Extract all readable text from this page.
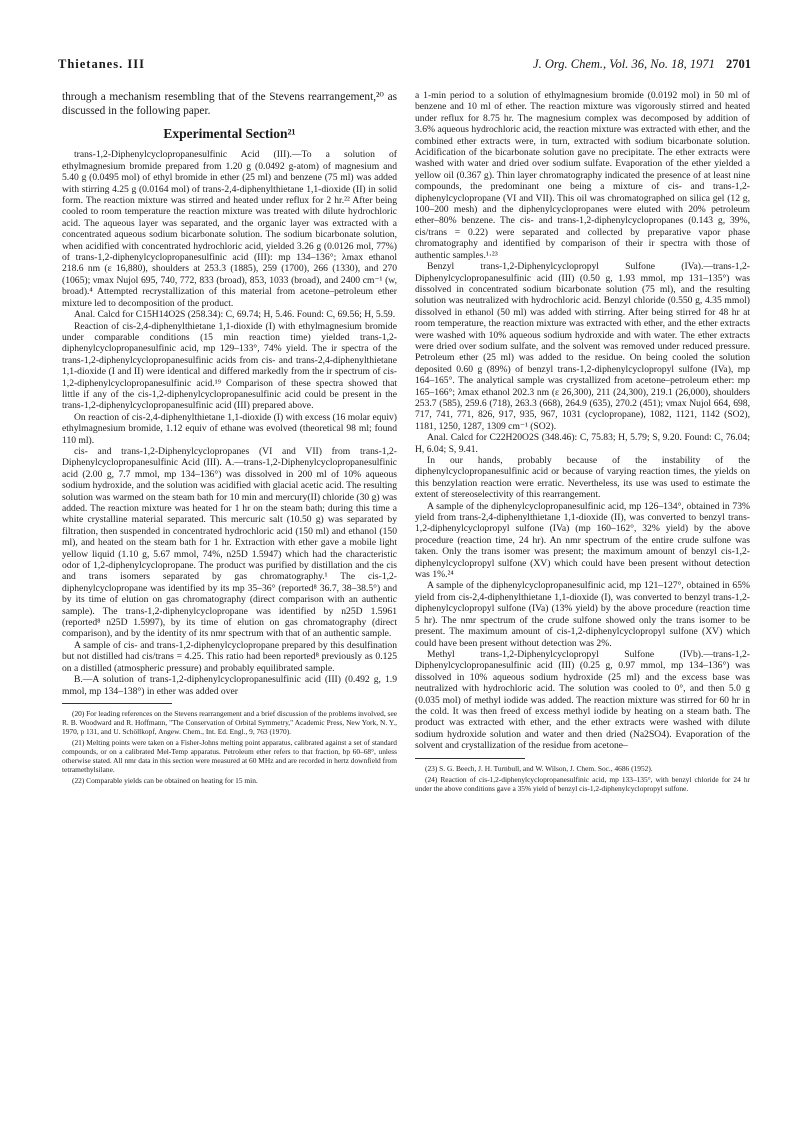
Thietanes. III	J. Org. Chem., Vol. 36, No. 18, 1971 2701

through a mechanism resembling that of the Stevens rearrangement,²⁰ as discussed in the following paper.

Experimental Section²¹

trans-1,2-Diphenylcyclopropanesulfinic Acid (III).—To a solution of ethylmagnesium bromide prepared from 1.20 g (0.0492 g-atom) of magnesium and 5.40 g (0.0495 mol) of ethyl bromide in ether (25 ml) and benzene (75 ml) was added with stirring 4.25 g (0.0164 mol) of trans-2,4-diphenylthietane 1,1-dioxide (II) in solid form. The reaction mixture was stirred and heated under reflux for 2 hr.²² After being cooled to room temperature the reaction mixture was treated with dilute hydrochloric acid. The aqueous layer was separated, and the organic layer was extracted with a concentrated aqueous sodium bicarbonate solution. The sodium bicarbonate solution, when acidified with concentrated hydrochloric acid, yielded 3.26 g (0.0126 mol, 77%) of trans-1,2-diphenylcyclopropanesulfinic acid (III): mp 134–136°; λmax ethanol 218.6 nm (ε 16,880), shoulders at 253.3 (1885), 259 (1700), 266 (1330), and 270 (1065); νmax Nujol 695, 740, 772, 833 (broad), 853, 1033 (broad), and 2400 cm⁻¹ (w, broad).⁴ Attempted recrystallization of this material from acetone–petroleum ether mixture led to decomposition of the product.

Anal. Calcd for C15H14O2S (258.34): C, 69.74; H, 5.46. Found: C, 69.56; H, 5.59.

Reaction of cis-2,4-diphenylthietane 1,1-dioxide (I) with ethylmagnesium bromide under comparable conditions (15 min reaction time) yielded trans-1,2-diphenylcyclopropanesulfinic acid, mp 129–133°, 74% yield. The ir spectra of the trans-1,2-diphenylcyclopropanesulfinic acids from cis- and trans-2,4-diphenylthietane 1,1-dioxide (I and II) were identical and differed markedly from the ir spectrum of cis-1,2-diphenylcyclopropanesulfinic acid.¹⁹ Comparison of these spectra showed that little if any of the cis-1,2-diphenylcyclopropanesulfinic acid could be present in the trans-1,2-diphenylcyclopropanesulfinic acid (III) prepared above.

On reaction of cis-2,4-diphenylthietane 1,1-dioxide (I) with excess (16 molar equiv) ethylmagnesium bromide, 1.12 equiv of ethane was evolved (theoretical 98 ml; found 110 ml).

cis- and trans-1,2-Diphenylcyclopropanes (VI and VII) from trans-1,2-Diphenylcyclopropanesulfinic Acid (III). A.—trans-1,2-Diphenylcyclopropanesulfinic acid (2.00 g, 7.7 mmol, mp 134–136°) was dissolved in 200 ml of 10% aqueous sodium hydroxide, and the solution was acidified with glacial acetic acid. The resulting solution was warmed on the steam bath for 10 min and mercury(II) chloride (30 g) was added. The reaction mixture was heated for 1 hr on the steam bath; during this time a white crystalline material separated. This mercuric salt (10.50 g) was separated by filtration, then suspended in concentrated hydrochloric acid (150 ml) and ethanol (150 ml), and heated on the steam bath for 1 hr. Extraction with ether gave a mobile light yellow liquid (1.10 g, 5.67 mmol, 74%, n25D 1.5947) which had the characteristic odor of 1,2-diphenylcyclopropane. The product was purified by distillation and the cis and trans isomers separated by gas chromatography.¹ The cis-1,2-diphenylcyclopropane was identified by its mp 35–36° (reported⁸ 36.7, 38–38.5°) and by its time of elution on gas chromatography (direct comparison with an authentic sample). The trans-1,2-diphenylcyclopropane was identified by n25D 1.5961 (reported⁸ n25D 1.5997), by its time of elution on gas chromatography (direct comparison), and by the identity of its nmr spectrum with that of an authentic sample.

A sample of cis- and trans-1,2-diphenylcyclopropane prepared by this desulfination but not distilled had cis/trans = 4.25. This ratio had been reported⁸ previously as 0.125 on a distilled (atmospheric pressure) and probably equilibrated sample.

B.—A solution of trans-1,2-diphenylcyclopropanesulfinic acid (III) (0.492 g, 1.9 mmol, mp 134–138°) in ether was added over

(20) For leading references on the Stevens rearrangement and a brief discussion of the problems involved, see R. B. Woodward and R. Hoffmann, "The Conservation of Orbital Symmetry," Academic Press, New York, N. Y., 1970, p 131, and U. Schöllkopf, Angew. Chem., Int. Ed. Engl., 9, 763 (1970).

(21) Melting points were taken on a Fisher-Johns melting point apparatus, calibrated against a set of standard compounds, or on a calibrated Mel-Temp apparatus. Petroleum ether refers to that fraction, bp 60–68°, unless otherwise stated. All nmr data in this section were measured at 60 MHz and are recorded in hertz downfield from tetramethylsilane.

(22) Comparable yields can be obtained on heating for 15 min.

a 1-min period to a solution of ethylmagnesium bromide (0.0192 mol) in 50 ml of benzene and 10 ml of ether. The reaction mixture was vigorously stirred and heated under reflux for 8.75 hr. The magnesium complex was decomposed by addition of 3.6% aqueous hydrochloric acid, the reaction mixture was extracted with ether, and the combined ether extracts were, in turn, extracted with sodium bicarbonate solution. Acidification of the bicarbonate solution gave no precipitate. The ether extracts were washed with water and dried over sodium sulfate. Evaporation of the ether yielded a yellow oil (0.367 g). Thin layer chromatography indicated the presence of at least nine compounds, the predominant one being a mixture of cis- and trans-1,2-diphenylcyclopropane (VI and VII). This oil was chromatographed on silica gel (12 g, 100–200 mesh) and the diphenylcyclopropanes were eluted with 20% petroleum ether–80% benzene. The cis- and trans-1,2-diphenylcyclopropanes (0.143 g, 39%, cis/trans = 0.22) were separated and collected by preparative vapor phase chromatography and identified by comparison of their ir spectra with those of authentic samples.¹·²³

Benzyl trans-1,2-Diphenylcyclopropyl Sulfone (IVa).—trans-1,2-Diphenylcyclopropanesulfinic acid (III) (0.50 g, 1.93 mmol, mp 131–135°) was dissolved in concentrated sodium bicarbonate solution (75 ml), and the resulting solution was neutralized with hydrochloric acid. Benzyl chloride (0.550 g, 4.35 mmol) dissolved in ethanol (50 ml) was added with stirring. After being stirred for 48 hr at room temperature, the reaction mixture was extracted with ether, and the ether extracts were washed with 10% aqueous sodium hydroxide and with water. The ether extracts were dried over sodium sulfate, and the solvent was removed under reduced pressure. Petroleum ether (25 ml) was added to the residue. On being cooled the solution deposited 0.60 g (89%) of benzyl trans-1,2-diphenylcyclopropyl sulfone (IVa), mp 164–165°. The analytical sample was crystallized from acetone–petroleum ether: mp 165–166°; λmax ethanol 202.3 nm (ε 26,300), 211 (24,300), 219.1 (26,000), shoulders 253.7 (585), 259.6 (718), 263.3 (668), 264.9 (635), 270.2 (451); νmax Nujol 664, 698, 717, 741, 771, 826, 917, 935, 967, 1031 (cyclopropane), 1082, 1121, 1142 (SO2), 1181, 1250, 1287, 1309 cm⁻¹ (SO2).

Anal. Calcd for C22H20O2S (348.46): C, 75.83; H, 5.79; S, 9.20. Found: C, 76.04; H, 6.04; S, 9.41.

In our hands, probably because of the instability of the diphenylcyclopropanesulfinic acid or because of varying reaction times, the yields on this benzylation reaction were erratic. Nevertheless, its use was used to estimate the extent of stereoselectivity of this rearrangement.

A sample of the diphenylcyclopropanesulfinic acid, mp 126–134°, obtained in 73% yield from trans-2,4-diphenylthietane 1,1-dioxide (II), was converted to benzyl trans-1,2-diphenylcyclopropyl sulfone (IVa) (mp 160–162°, 32% yield) by the above procedure (reaction time, 24 hr). An nmr spectrum of the entire crude sulfone was taken. Only the trans isomer was present; the maximum amount of benzyl cis-1,2-diphenylcyclopropyl sulfone (XV) which could have been present without detection was 1%.²⁴

A sample of the diphenylcyclopropanesulfinic acid, mp 121–127°, obtained in 65% yield from cis-2,4-diphenylthietane 1,1-dioxide (I), was converted to benzyl trans-1,2-diphenylcyclopropyl sulfone (IVa) (13% yield) by the above procedure (reaction time 5 hr). The nmr spectrum of the crude sulfone showed only the trans isomer to be present. The maximum amount of cis-1,2-diphenylcyclopropyl sulfone (XV) which could have been present without detection was 2%.

Methyl trans-1,2-Diphenylcyclopropyl Sulfone (IVb).—trans-1,2-Diphenylcyclopropanesulfinic acid (III) (0.25 g, 0.97 mmol, mp 134–136°) was dissolved in 10% aqueous sodium hydroxide (25 ml) and the excess base was neutralized with hydrochloric acid. The solution was cooled to 0°, and then 5.0 g (0.035 mol) of methyl iodide was added. The reaction mixture was stirred for 60 hr in the cold. It was then freed of excess methyl iodide by heating on a steam bath. The product was extracted with ether, and the ether extracts were washed with dilute sodium hydroxide solution and water and then dried (Na2SO4). Evaporation of the solvent and crystallization of the residue from acetone–

(23) S. G. Beech, J. H. Turnbull, and W. Wilson, J. Chem. Soc., 4686 (1952).

(24) Reaction of cis-1,2-diphenylcyclopropanesulfinic acid, mp 133–135°, with benzyl chloride for 24 hr under the above conditions gave a 35% yield of benzyl cis-1,2-diphenylcyclopropyl sulfone.
